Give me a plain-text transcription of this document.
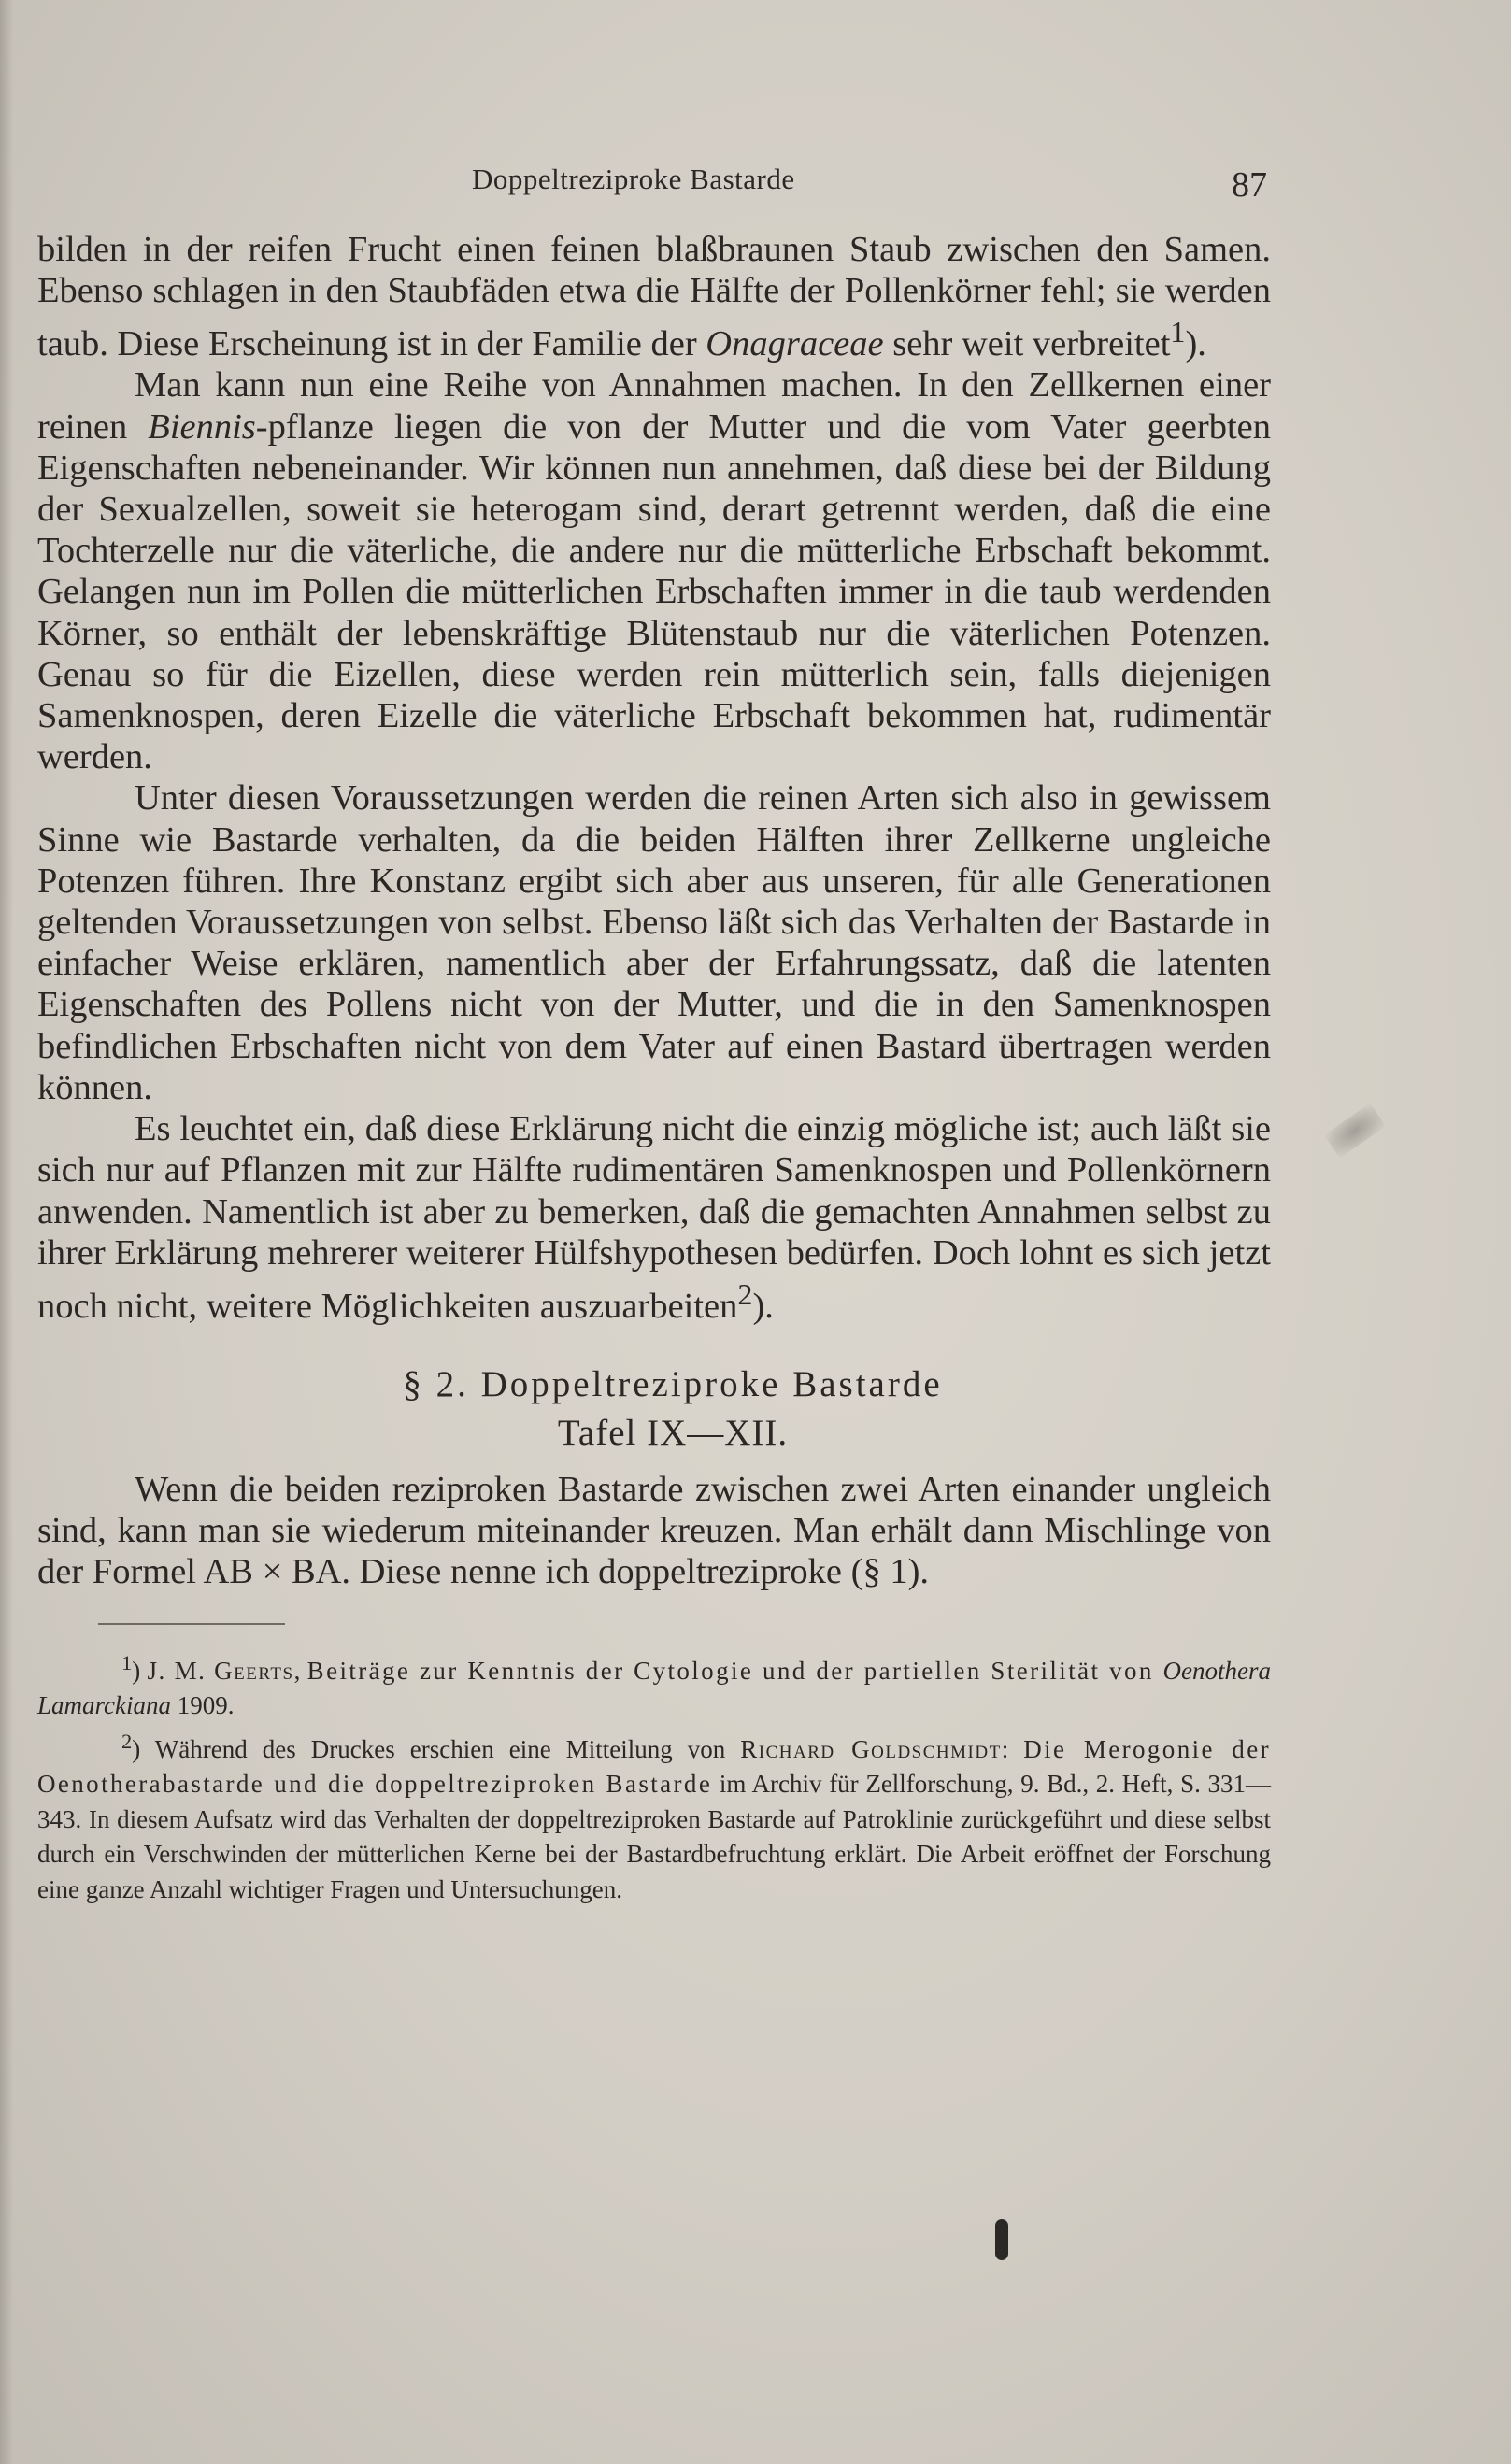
Doppeltreziproke Bastarde	87

bilden in der reifen Frucht einen feinen blaßbraunen Staub zwischen den Samen. Ebenso schlagen in den Staubfäden etwa die Hälfte der Pollenkörner fehl; sie werden taub. Diese Erscheinung ist in der Familie der Onagraceae sehr weit verbreitet$^1$).

Man kann nun eine Reihe von Annahmen machen. In den Zellkernen einer reinen Biennis-pflanze liegen die von der Mutter und die vom Vater geerbten Eigenschaften nebeneinander. Wir können nun annehmen, daß diese bei der Bildung der Sexualzellen, soweit sie heterogam sind, derart getrennt werden, daß die eine Tochterzelle nur die väterliche, die andere nur die mütterliche Erbschaft bekommt. Gelangen nun im Pollen die mütterlichen Erbschaften immer in die taub werdenden Körner, so enthält der lebenskräftige Blütenstaub nur die väterlichen Potenzen. Genau so für die Eizellen, diese werden rein mütterlich sein, falls diejenigen Samenknospen, deren Eizelle die väterliche Erbschaft bekommen hat, rudimentär werden.

Unter diesen Voraussetzungen werden die reinen Arten sich also in gewissem Sinne wie Bastarde verhalten, da die beiden Hälften ihrer Zellkerne ungleiche Potenzen führen. Ihre Konstanz ergibt sich aber aus unseren, für alle Generationen geltenden Voraussetzungen von selbst. Ebenso läßt sich das Verhalten der Bastarde in einfacher Weise erklären, namentlich aber der Erfahrungssatz, daß die latenten Eigenschaften des Pollens nicht von der Mutter, und die in den Samenknospen befindlichen Erbschaften nicht von dem Vater auf einen Bastard übertragen werden können.

Es leuchtet ein, daß diese Erklärung nicht die einzig mögliche ist; auch läßt sie sich nur auf Pflanzen mit zur Hälfte rudimentären Samenknospen und Pollenkörnern anwenden. Namentlich ist aber zu bemerken, daß die gemachten Annahmen selbst zu ihrer Erklärung mehrerer weiterer Hülfshypothesen bedürfen. Doch lohnt es sich jetzt noch nicht, weitere Möglichkeiten auszuarbeiten$^2$).

§ 2. Doppeltreziproke Bastarde
Tafel IX—XII.

Wenn die beiden reziproken Bastarde zwischen zwei Arten einander ungleich sind, kann man sie wiederum miteinander kreuzen. Man erhält dann Mischlinge von der Formel AB × BA. Diese nenne ich doppeltreziproke (§ 1).

$^1$) J. M. Geerts, Beiträge zur Kenntnis der Cytologie und der partiellen Sterilität von Oenothera Lamarckiana 1909.

$^2$) Während des Druckes erschien eine Mitteilung von Richard Goldschmidt: Die Merogonie der Oenotherabastarde und die doppeltreziproken Bastarde im Archiv für Zellforschung, 9. Bd., 2. Heft, S. 331—343. In diesem Aufsatz wird das Verhalten der doppeltreziproken Bastarde auf Patroklinie zurückgeführt und diese selbst durch ein Verschwinden der mütterlichen Kerne bei der Bastardbefruchtung erklärt. Die Arbeit eröffnet der Forschung eine ganze Anzahl wichtiger Fragen und Untersuchungen.
